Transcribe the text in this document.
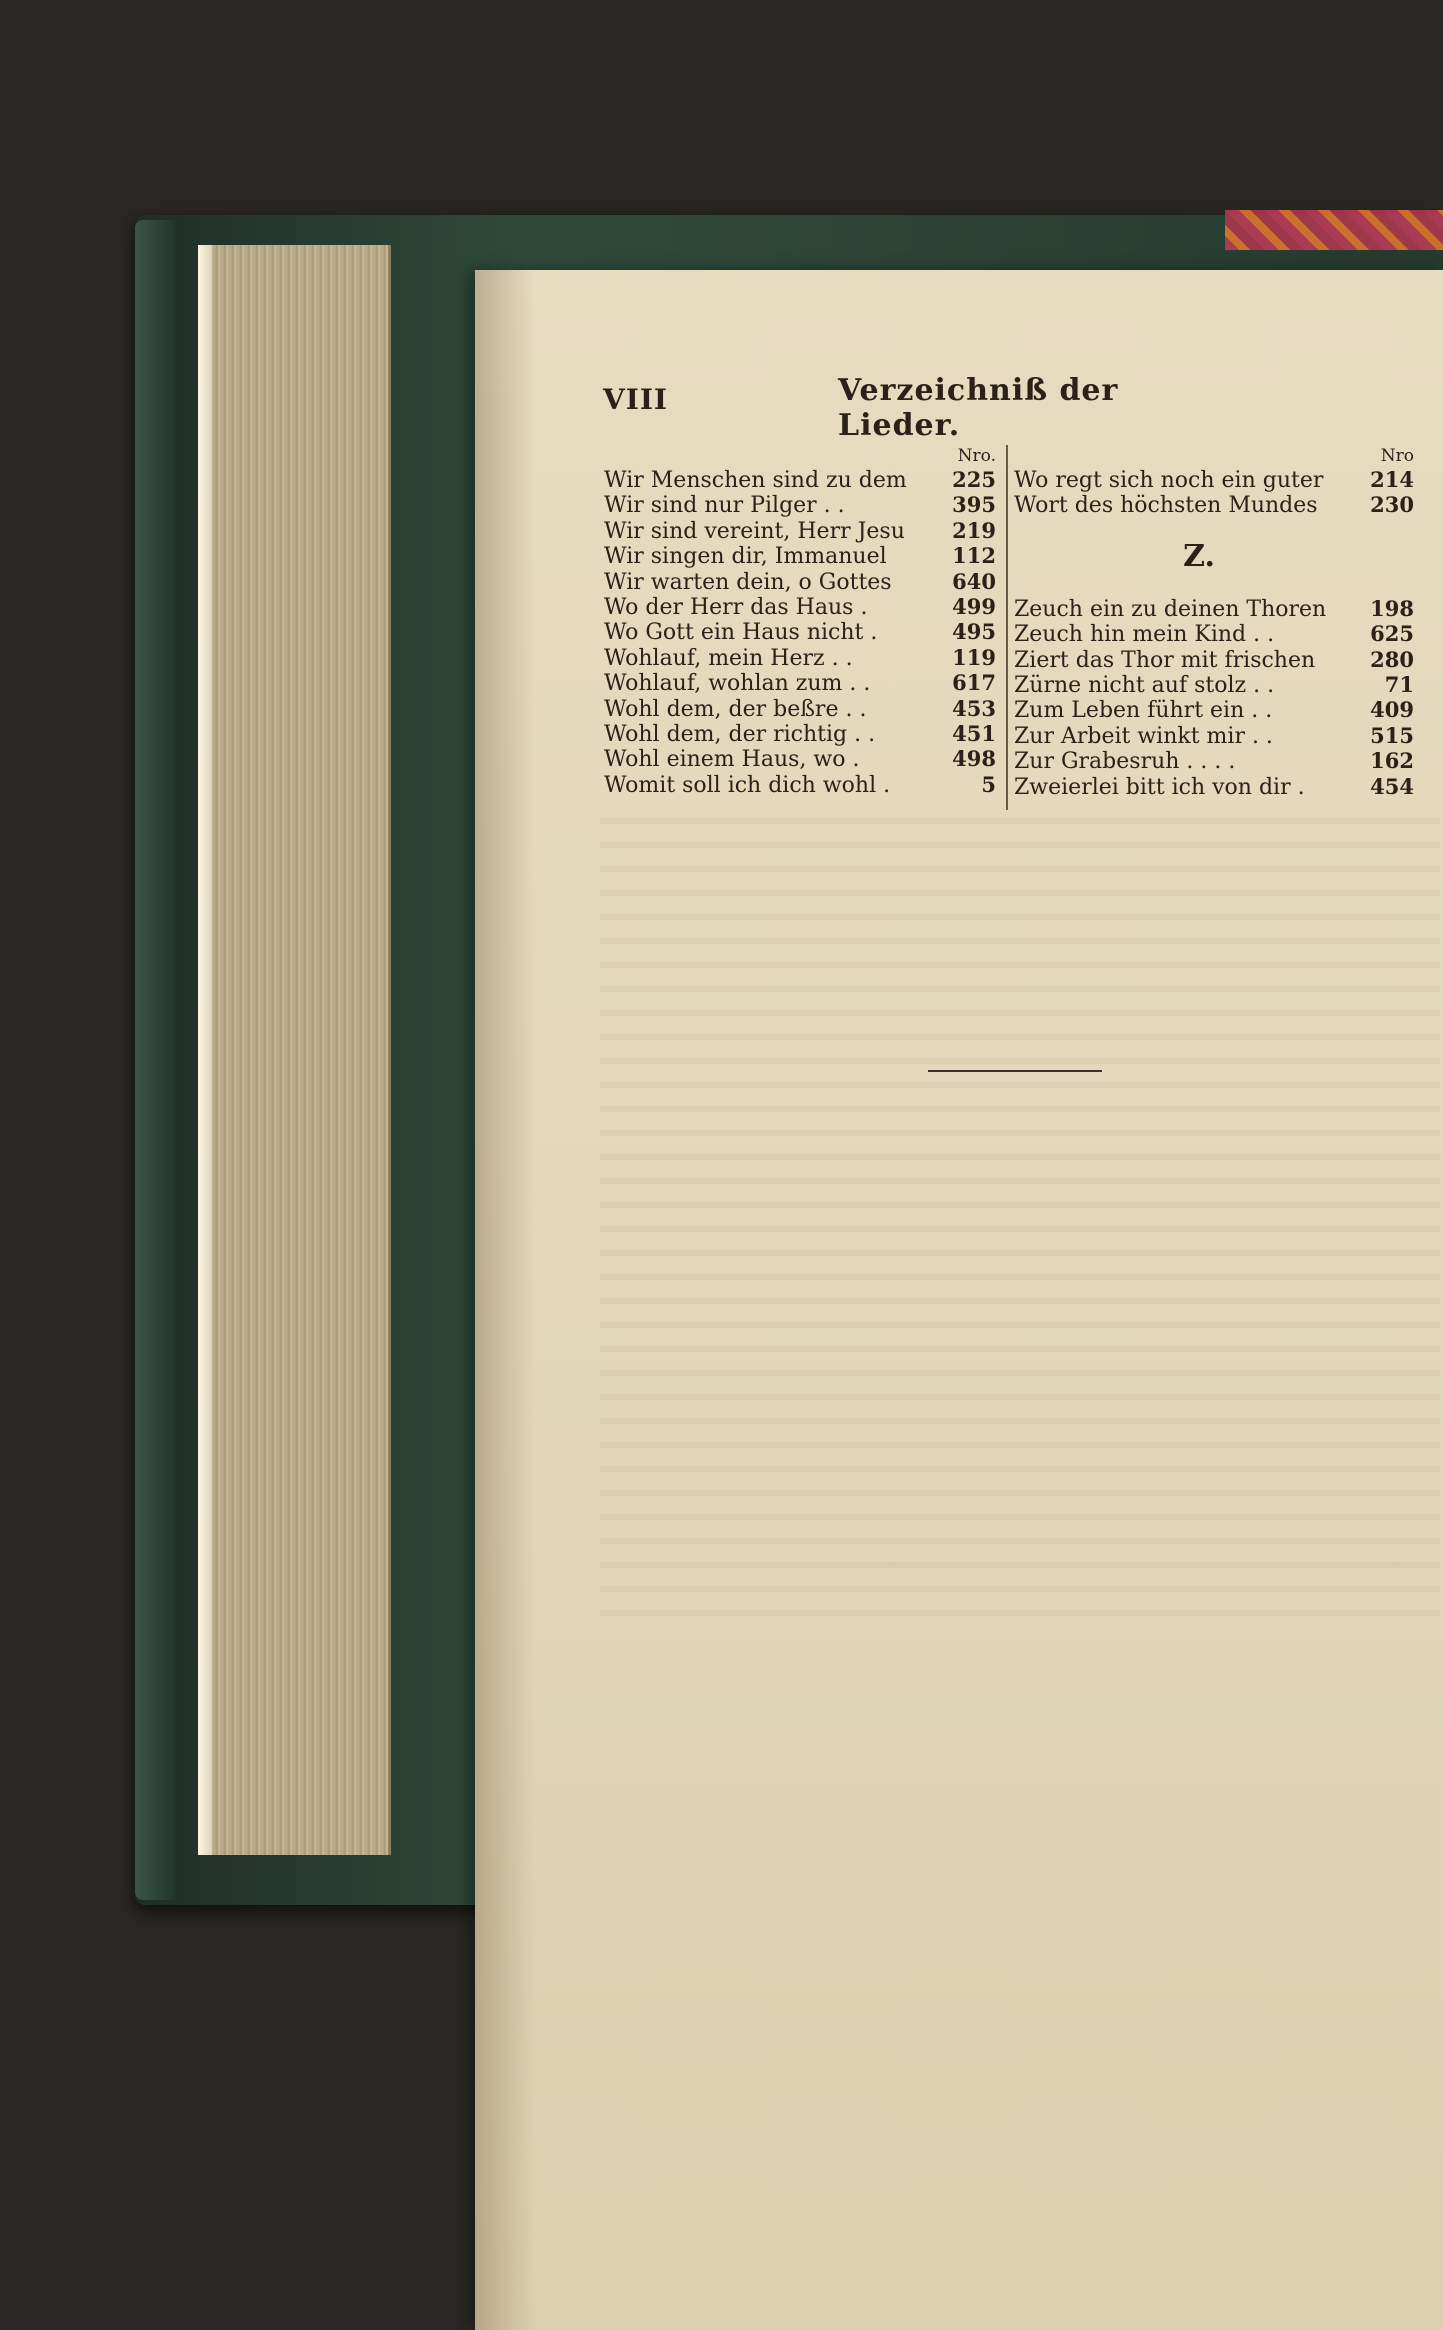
VIII	Verzeichniß der Lieder.
Nro.
Wir Menschen sind zu dem 225
Wir sind nur Pilger . .	395
Wir sind vereint, Herr Jesu 219
Wir singen dir, Immanuel	112
Wir warten dein, o Gottes	640
Wo der Herr das Haus .	499
Wo Gott ein Haus nicht .	495
Wohlauf, mein Herz . .	119
Wohlauf, wohlan zum . .	617
Wohl dem, der beßre . .	453
Wohl dem, der richtig . .	451
Wohl einem Haus, wo .	498
Womit soll ich dich wohl .	5
Nro
Wo regt sich noch ein guter 214
Wort des höchsten Mundes	230
Z.
Zeuch ein zu deinen Thoren 198
Zeuch hin mein Kind . .	625
Ziert das Thor mit frischen	280
Zürne nicht auf stolz . .	71
Zum Leben führt ein . .	409
Zur Arbeit winkt mir . .	515
Zur Grabesruh . . . .	162
Zweierlei bitt ich von dir .	454
